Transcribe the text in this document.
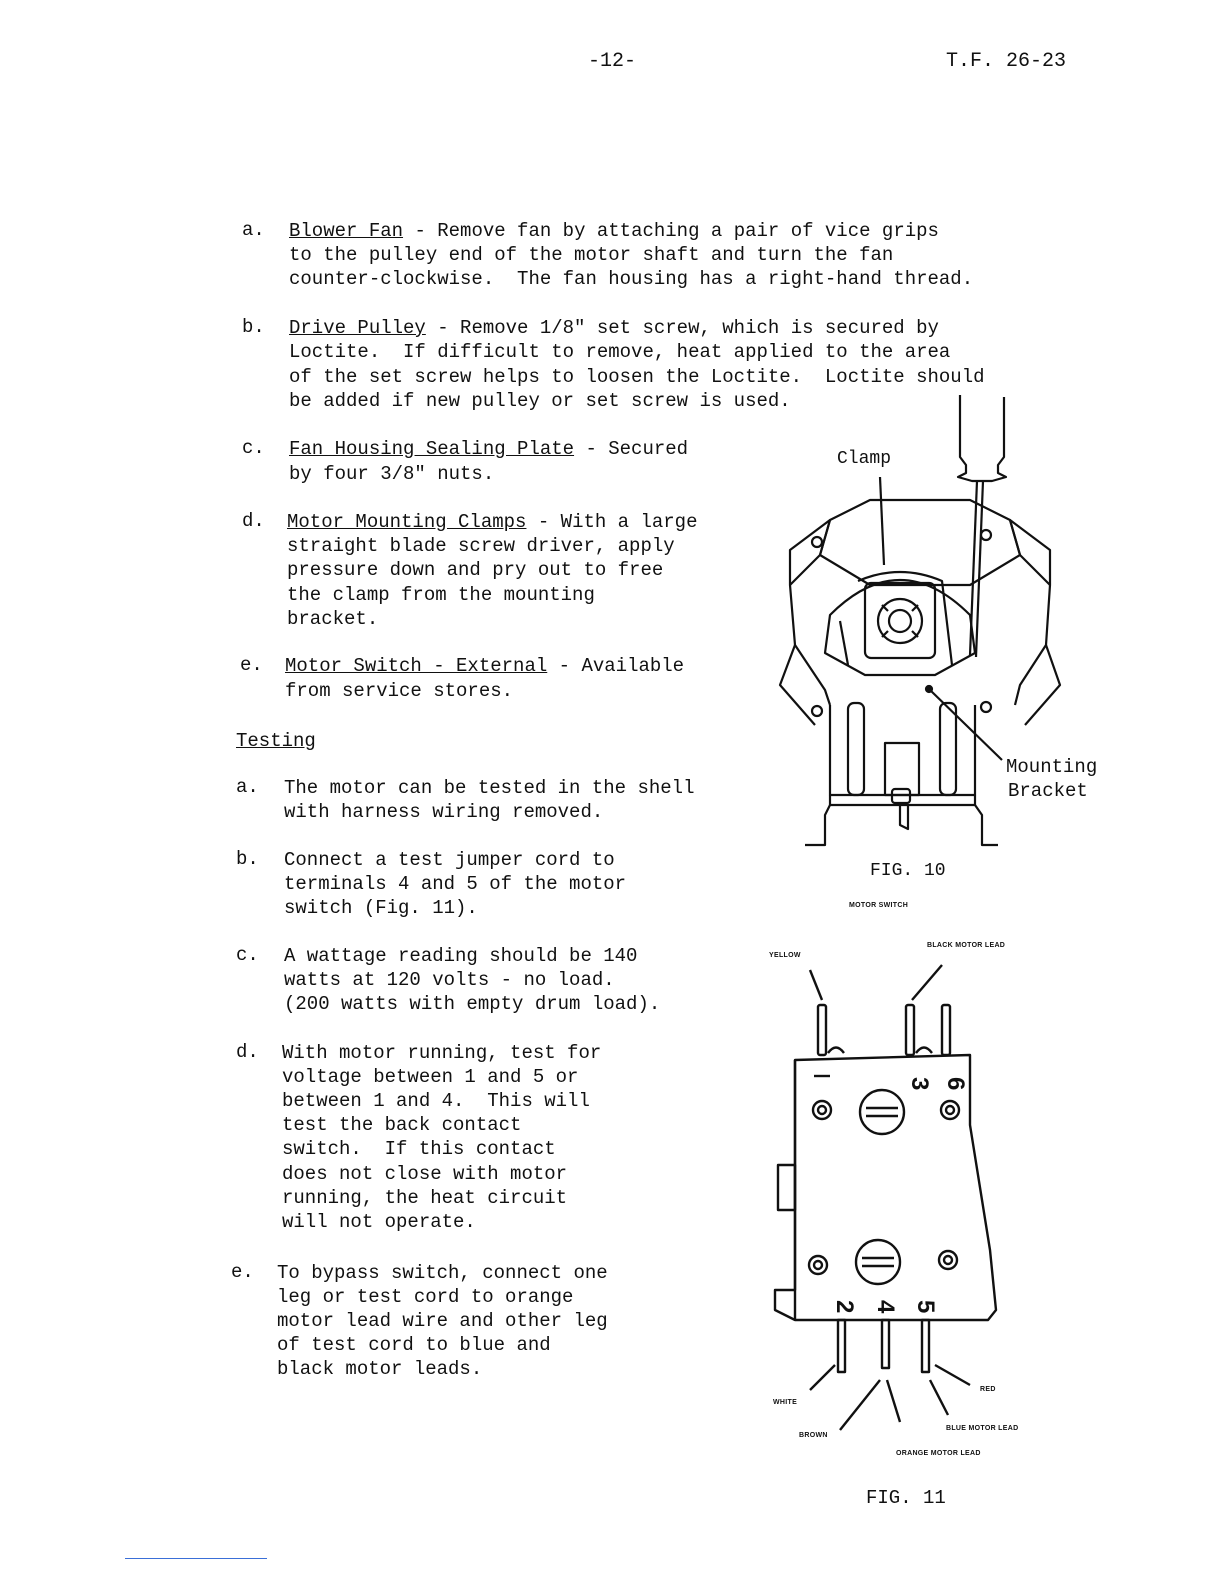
-12-	T.F. 26-23
a. Blower Fan - Remove fan by attaching a pair of vice grips
to the pulley end of the motor shaft and turn the fan
counter-clockwise.  The fan housing has a right-hand thread.
b. Drive Pulley - Remove 1/8" set screw, which is secured by
Loctite.  If difficult to remove, heat applied to the area
of the set screw helps to loosen the Loctite.  Loctite should
be added if new pulley or set screw is used.
c. Fan Housing Sealing Plate - Secured
by four 3/8" nuts.
d. Motor Mounting Clamps - With a large
straight blade screw driver, apply
pressure down and pry out to free
the clamp from the mounting
bracket.
e. Motor Switch - External - Available
from service stores.
Testing
a. The motor can be tested in the shell
with harness wiring removed.
b. Connect a test jumper cord to
terminals 4 and 5 of the motor
switch (Fig. 11).
c. A wattage reading should be 140
watts at 120 volts - no load.
(200 watts with empty drum load).
d. With motor running, test for
voltage between 1 and 5 or
between 1 and 4.  This will
test the back contact
switch.  If this contact
does not close with motor
running, the heat circuit
will not operate.
e. To bypass switch, connect one
leg or test cord to orange
motor lead wire and other leg
of test cord to blue and
black motor leads.
Clamp
Mounting
Bracket
FIG. 10
MOTOR SWITCH
YELLOW
BLACK MOTOR LEAD
WHITE
BROWN
RED
BLUE MOTOR LEAD
ORANGE MOTOR LEAD
3 6
2 4 5
FIG. 11
